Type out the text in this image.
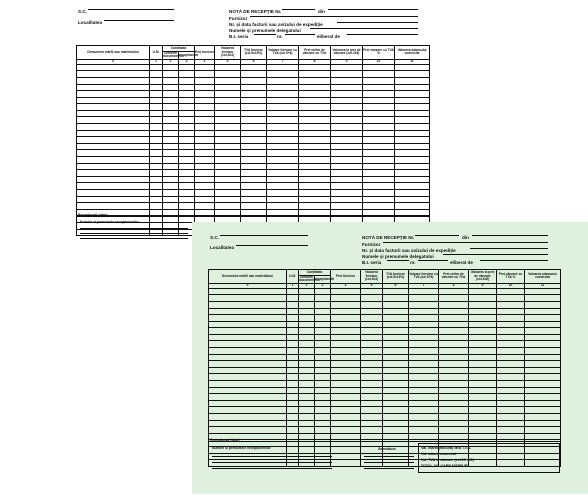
S.C.
Localitatea
NOTĂ DE RECEPȚIE Nr.	din
Furnizor
Nr. și data facturii sau avizului de expediție
Numele și prenumele delegatului
B.I. seria	nr.	eliberat de
Denumirea mărfii sau materialului	U.M.	Cantitatea		Preț furnizor	Valoarea furnizor (col.3x4)	TVA furnizor (col.5x19%)	Valoare furnizor cu TVA (col.5+6)	Preț unitar de vânzare cu TVA	Valoarea la preț de vânzare (col.2x8)	Preț vânzare cu TVA %	Valoarea adaosului comercial
		conform documentelor	recepționată								
0	1	2	3	4	5	6	7	8	9	10	11

Recepționat (data)
Numele și prenumele recepționerilor
S.C.
Localitatea
NOTĂ DE RECEPȚIE Nr.	din
Furnizor
Nr. și data facturii sau avizului de expediție
Numele și prenumele delegatului
B.I. seria	nr.	eliberat de
Denumirea mărfii sau materialului	U.M.	Cantitatea		Preț furnizor	Valoarea furnizor (col.3x4)	TVA furnizor (col.5x19%)	Valoare furnizor cu TVA (col.5+6)	Preț unitar de vânzare cu TVA	Valoarea la preț de vânzare (col.2x8)	Preț vânzare cu TVA %	Valoarea adaosului comercial
		conform documentelor	recepționată								
0	1	2	3	4	5	6	7	8	9	10	11

Recepționat (data)
Numele și prenumele recepționerilor	Semnătura	Val. mărfii (factura) fără T.V.A.
Val. adaos comercial
Val. TVA la vânzare (col.10 - 11)
TOTAL VALOARE MĂRFURI
